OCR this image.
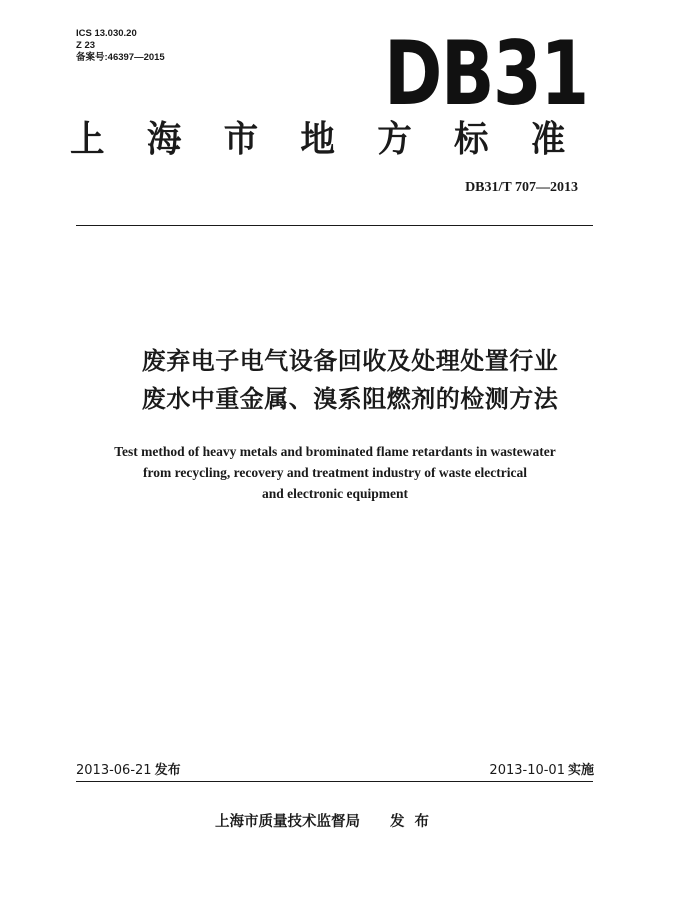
ICS 13.030.20
Z 23
备案号:46397—2015 DB31
上海市地方标准
DB31/T 707—2013
废弃电子电气设备回收及处理处置行业
废水中重金属、溴系阻燃剂的检测方法
Test method of heavy metals and brominated flame retardants in wastewater
from recycling, recovery and treatment industry of waste electrical
and electronic equipment
2013-06-21 发布	2013-10-01 实施
上海市质量技术监督局 发布
